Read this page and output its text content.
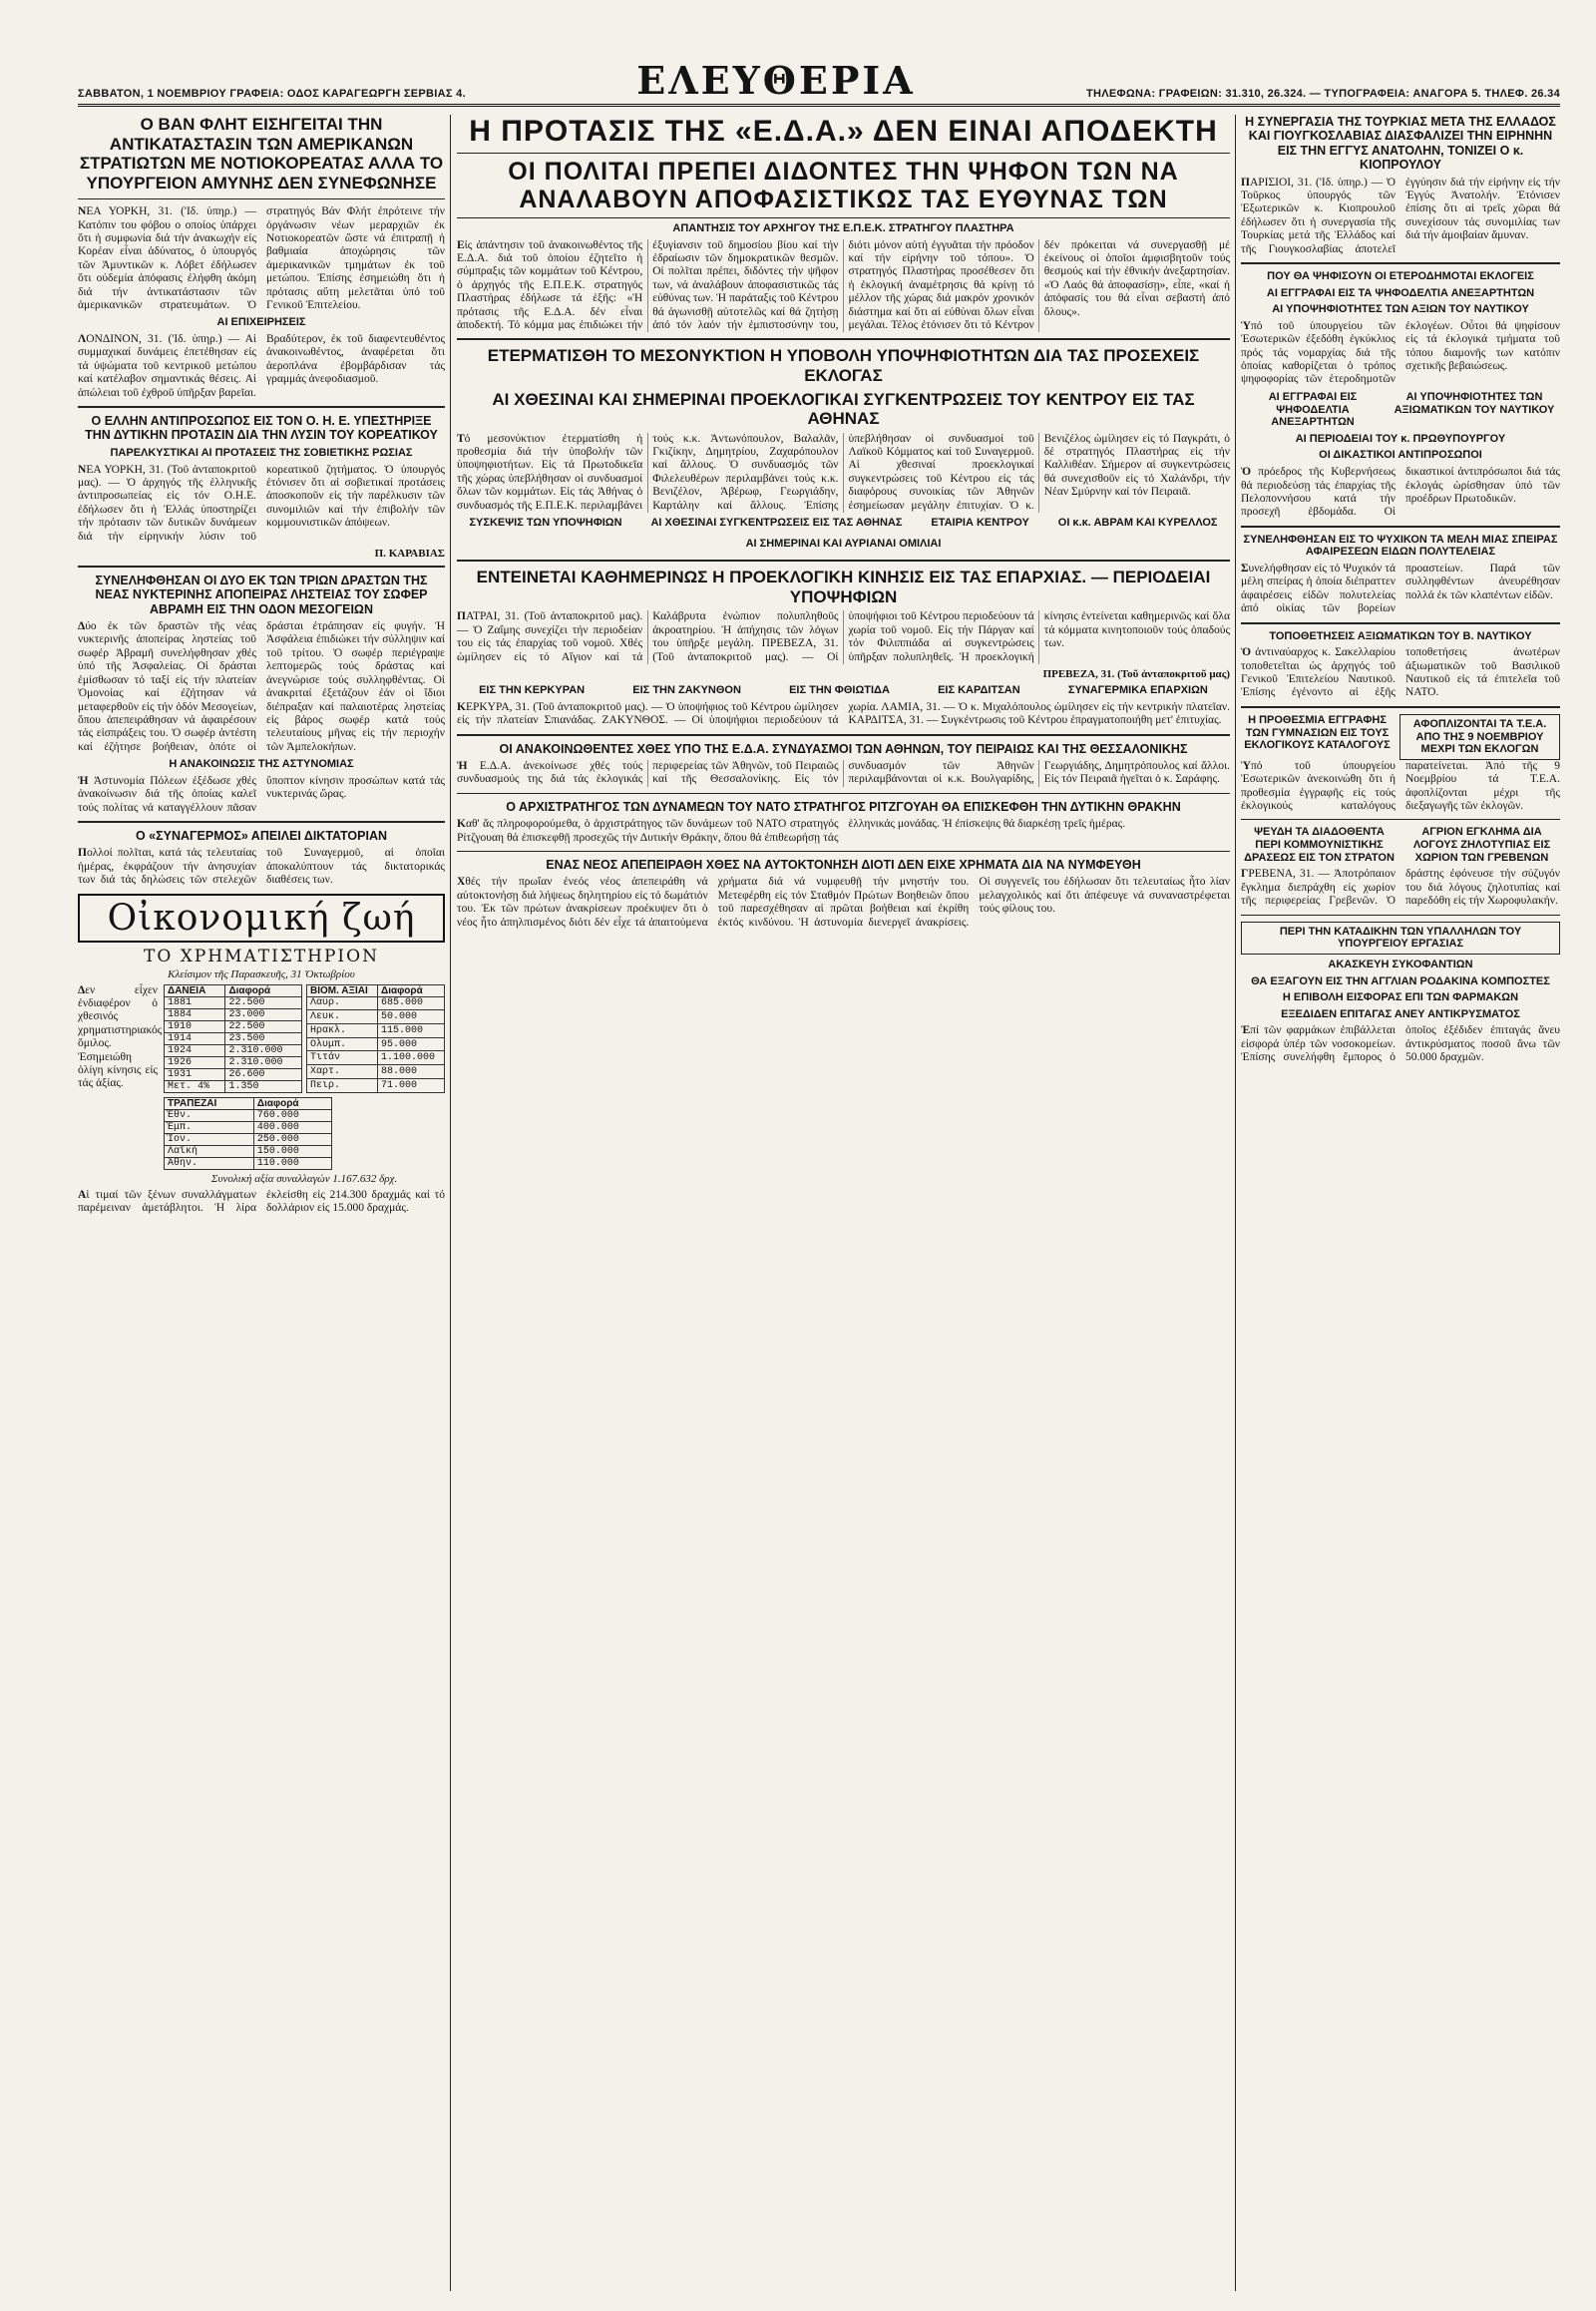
ΣΑΒΒΑΤΟΝ, 1 ΝΟΕΜΒΡΙΟΥ ΓΡΑΦΕΙΑ: ΟΔΟΣ ΚΑΡΑΓΕΩΡΓΗ ΣΕΡΒΙΑΣ 4.	ΕΛΕΥΘΕΡΙΑ	ΤΗΛΕΦΩΝΑ: ΓΡΑΦΕΙΩΝ: 31.310, 26.324. — ΤΥΠΟΓΡΑΦΕΙΑ: ΑΝΑΓΟΡΑ 5. ΤΗΛΕΦ. 26.34
Ο ΒΑΝ ΦΛΗΤ ΕΙΣΗΓΕΙΤΑΙ ΤΗΝ ΑΝΤΙΚΑΤΑΣΤΑΣΙΝ ΤΩΝ ΑΜΕΡΙΚΑΝΩΝ ΣΤΡΑΤΙΩΤΩΝ ΜΕ ΝΟΤΙΟΚΟΡΕΑΤΑΣ ΑΛΛΑ ΤΟ ΥΠΟΥΡΓΕΙΟΝ ΑΜΥΝΗΣ ΔΕΝ ΣΥΝΕΦΩΝΗΣΕ

ΝΕΑ ΥΟΡΚΗ, 31. ('Ιδ. ὑπηρ.) — Κατόπιν του φόβου ο οποίος ὑπάρχει ὅτι ἡ συμφωνία διά τήν ἀνακωχήν εἰς Κορέαν εἶναι ἀδύνατος, ὁ ὑπουργός τῶν Ἀμυντικῶν κ. Λόβετ ἐδήλωσεν ὅτι οὐδεμία ἀπόφασις ἐλήφθη ἀκόμη διά τήν ἀντικατάστασιν τῶν ἀμερικανικῶν στρατευμάτων. Ὁ στρατηγός Βάν Φλήτ ἐπρότεινε τήν ὀργάνωσιν νέων μεραρχιῶν ἐκ Νοτιοκορεατῶν ὥστε νά ἐπιτραπῇ ἡ βαθμιαία ἀποχώρησις τῶν ἀμερικανικῶν τμημάτων ἐκ τοῦ μετώπου. Ἐπίσης ἐσημειώθη ὅτι ἡ πρότασις αὕτη μελετᾶται ὑπό τοῦ Γενικοῦ Ἐπιτελείου.

ΑΙ ΕΠΙΧΕΙΡΗΣΕΙΣ

ΛΟΝΔΙΝΟΝ, 31. ('Ιδ. ὑπηρ.) — Αἱ συμμαχικαί δυνάμεις ἐπετέθησαν εἰς τά ὑψώματα τοῦ κεντρικοῦ μετώπου καί κατέλαβον σημαντικάς θέσεις. Αἱ ἀπώλειαι τοῦ ἐχθροῦ ὑπῆρξαν βαρεῖαι. Βραδύτερον, ἐκ τοῦ διαφεντευθέντος ἀνακοινωθέντος, ἀναφέρεται ὅτι ἀεροπλάνα ἐβομβάρδισαν τάς γραμμάς ἀνεφοδιασμοῦ.

Ο ΕΛΛΗΝ ΑΝΤΙΠΡΟΣΩΠΟΣ ΕΙΣ ΤΟΝ Ο. Η. Ε. ΥΠΕΣΤΗΡΙΞΕ ΤΗΝ ΔΥΤΙΚΗΝ ΠΡΟΤΑΣΙΝ ΔΙΑ ΤΗΝ ΛΥΣΙΝ ΤΟΥ ΚΟΡΕΑΤΙΚΟΥ
ΠΑΡΕΛΚΥΣΤΙΚΑΙ ΑΙ ΠΡΟΤΑΣΕΙΣ ΤΗΣ ΣΟΒΙΕΤΙΚΗΣ ΡΩΣΙΑΣ

ΝΕΑ ΥΟΡΚΗ, 31. (Τοῦ ἀνταποκριτοῦ μας). — Ὁ ἀρχηγός τῆς ἑλληνικῆς ἀντιπροσωπείας εἰς τόν Ο.Η.Ε. ἐδήλωσεν ὅτι ἡ Ἑλλάς ὑποστηρίζει τήν πρότασιν τῶν δυτικῶν δυνάμεων διά τήν εἰρηνικήν λύσιν τοῦ κορεατικοῦ ζητήματος. Ὁ ὑπουργός ἐτόνισεν ὅτι αἱ σοβιετικαί προτάσεις ἀποσκοποῦν εἰς τήν παρέλκυσιν τῶν συνομιλιῶν καί τήν ἐπιβολήν τῶν κομμουνιστικῶν ἀπόψεων.

Π. ΚΑΡΑΒΙΑΣ

ΣΥΝΕΛΗΦΘΗΣΑΝ ΟΙ ΔΥΟ ΕΚ ΤΩΝ ΤΡΙΩΝ ΔΡΑΣΤΩΝ ΤΗΣ ΝΕΑΣ ΝΥΚΤΕΡΙΝΗΣ ΑΠΟΠΕΙΡΑΣ ΛΗΣΤΕΙΑΣ ΤΟΥ ΣΩΦΕΡ ΑΒΡΑΜΗ ΕΙΣ ΤΗΝ ΟΔΟΝ ΜΕΣΟΓΕΙΩΝ

Δύο ἐκ τῶν δραστῶν τῆς νέας νυκτερινῆς ἀποπείρας ληστείας τοῦ σωφέρ Ἀβραμῆ συνελήφθησαν χθές ὑπό τῆς Ἀσφαλείας. Οἱ δράσται ἐμίσθωσαν τό ταξί εἰς τήν πλατείαν Ὁμονοίας καί ἐζήτησαν νά μεταφερθοῦν εἰς τήν ὁδόν Μεσογείων, ὅπου ἀπεπειράθησαν νά ἀφαιρέσουν τάς εἰσπράξεις του. Ὁ σωφέρ ἀντέστη καί ἐζήτησε βοήθειαν, ὁπότε οἱ δράσται ἐτράπησαν εἰς φυγήν. Ἡ Ἀσφάλεια ἐπιδιώκει τήν σύλληψιν καί τοῦ τρίτου. Ὁ σωφέρ περιέγραψε λεπτομερῶς τούς δράστας καί ἀνεγνώρισε τούς συλληφθέντας. Οἱ ἀνακριταί ἐξετάζουν ἐάν οἱ ἴδιοι διέπραξαν καί παλαιοτέρας ληστείας εἰς βάρος σωφέρ κατά τούς τελευταίους μῆνας εἰς τήν περιοχήν τῶν Ἀμπελοκήπων.

Η ΑΝΑΚΟΙΝΩΣΙΣ ΤΗΣ ΑΣΤΥΝΟΜΙΑΣ

Ἡ Ἀστυνομία Πόλεων ἐξέδωσε χθές ἀνακοίνωσιν διά τῆς ὁποίας καλεῖ τούς πολίτας νά καταγγέλλουν πᾶσαν ὕποπτον κίνησιν προσώπων κατά τάς νυκτερινάς ὥρας.

Ο «ΣΥΝΑΓΕΡΜΟΣ» ΑΠΕΙΛΕΙ ΔΙΚΤΑΤΟΡΙΑΝ

Πολλοί πολῖται, κατά τάς τελευταίας ἡμέρας, ἐκφράζουν τήν ἀνησυχίαν των διά τάς δηλώσεις τῶν στελεχῶν τοῦ Συναγερμοῦ, αἱ ὁποῖαι ἀποκαλύπτουν τάς δικτατορικάς διαθέσεις των.

Οἰκονομική ζωή
ΤΟ ΧΡΗΜΑΤΙΣΤΗΡΙΟΝ
Κλείσιμον τῆς Παρασκευῆς, 31 Ὀκτωβρίου

Δεν εἶχεν ἐνδιαφέρον ὁ χθεσινός χρηματιστηριακός ὅμιλος. Ἐσημειώθη ὀλίγη κίνησις εἰς τάς ἀξίας.

ΔΑΝΕΙΑ	Διαφορά
1881	22.500
1884	23.000
1910	22.500
1914	23.500
1924	2.310.000
1926	2.310.000
1931	26.600
Μετ. 4%	1.350
ΒΙΟΜ. ΑΞΙΑΙ	Διαφορά
Λαυρ.	685.000
Λευκ.	50.000
Ηρακλ.	115.000
Ολυμπ.	95.000
Τιτάν	1.100.000
Χαρτ.	88.000
Πειρ.	71.000
ΤΡΑΠΕΖΑΙ	Διαφορά
Ἐθν.	760.000
Ἐμπ.	400.000
Ἰον.	250.000
Λαϊκή	150.000
Ἀθην.	110.000
Συνολική αξία συναλλαγών 1.167.632 δρχ.

Αἱ τιμαί τῶν ξένων συναλλάγματων παρέμειναν ἀμετάβλητοι. Ἡ λίρα ἐκλείσθη εἰς 214.300 δραχμάς καί τό δολλάριον εἰς 15.000 δραχμάς.

Η ΠΡΟΤΑΣΙΣ ΤΗΣ «Ε.Δ.Α.» ΔΕΝ ΕΙΝΑΙ ΑΠΟΔΕΚΤΗ
ΟΙ ΠΟΛΙΤΑΙ ΠΡΕΠΕΙ ΔΙΔΟΝΤΕΣ ΤΗΝ ΨΗΦΟΝ ΤΩΝ ΝΑ ΑΝΑΛΑΒΟΥΝ ΑΠΟΦΑΣΙΣΤΙΚΩΣ ΤΑΣ ΕΥΘΥΝΑΣ ΤΩΝ
ΑΠΑΝΤΗΣΙΣ ΤΟΥ ΑΡΧΗΓΟΥ ΤΗΣ Ε.Π.Ε.Κ. ΣΤΡΑΤΗΓΟΥ ΠΛΑΣΤΗΡΑ

Εἰς ἀπάντησιν τοῦ ἀνακοινωθέντος τῆς Ε.Δ.Α. διά τοῦ ὁποίου ἐζητεῖτο ἡ σύμπραξις τῶν κομμάτων τοῦ Κέντρου, ὁ ἀρχηγός τῆς Ε.Π.Ε.Κ. στρατηγός Πλαστήρας ἐδήλωσε τά ἑξῆς: «Ἡ πρότασις τῆς Ε.Δ.Α. δέν εἶναι ἀποδεκτή. Τό κόμμα μας ἐπιδιώκει τήν ἐξυγίανσιν τοῦ δημοσίου βίου καί τήν ἐδραίωσιν τῶν δημοκρατικῶν θεσμῶν. Οἱ πολῖται πρέπει, διδόντες τήν ψῆφον των, νά ἀναλάβουν ἀποφασιστικῶς τάς εὐθύνας των. Ἡ παράταξις τοῦ Κέντρου θά ἀγωνισθῇ αὐτοτελῶς καί θά ζητήσῃ ἀπό τόν λαόν τήν ἐμπιστοσύνην του, διότι μόνον αὐτή ἐγγυᾶται τήν πρόοδον καί τήν εἰρήνην τοῦ τόπου». Ὁ στρατηγός Πλαστήρας προσέθεσεν ὅτι ἡ ἐκλογική ἀναμέτρησις θά κρίνῃ τό μέλλον τῆς χώρας διά μακρόν χρονικόν διάστημα καί ὅτι αἱ εὐθύναι ὅλων εἶναι μεγάλαι. Τέλος ἐτόνισεν ὅτι τό Κέντρον δέν πρόκειται νά συνεργασθῇ μέ ἐκείνους οἱ ὁποῖοι ἀμφισβητοῦν τούς θεσμούς καί τήν ἐθνικήν ἀνεξαρτησίαν. «Ὁ Λαός θά ἀποφασίσῃ», εἶπε, «καί ἡ ἀπόφασίς του θά εἶναι σεβαστή ἀπό ὅλους».

ΕΤΕΡΜΑΤΙΣΘΗ ΤΟ ΜΕΣΟΝΥΚΤΙΟΝ Η ΥΠΟΒΟΛΗ ΥΠΟΨΗΦΙΟΤΗΤΩΝ ΔΙΑ ΤΑΣ ΠΡΟΣΕΧΕΙΣ ΕΚΛΟΓΑΣ
ΑΙ ΧΘΕΣΙΝΑΙ ΚΑΙ ΣΗΜΕΡΙΝΑΙ ΠΡΟΕΚΛΟΓΙΚΑΙ ΣΥΓΚΕΝΤΡΩΣΕΙΣ ΤΟΥ ΚΕΝΤΡΟΥ ΕΙΣ ΤΑΣ ΑΘΗΝΑΣ

Τό μεσονύκτιον ἐτερματίσθη ἡ προθεσμία διά τήν ὑποβολήν τῶν ὑποψηφιοτήτων. Εἰς τά Πρωτοδικεῖα τῆς χώρας ὑπεβλήθησαν οἱ συνδυασμοί ὅλων τῶν κομμάτων. Εἰς τάς Ἀθήνας ὁ συνδυασμός τῆς Ε.Π.Ε.Κ. περιλαμβάνει τούς κ.κ. Ἀντωνόπουλον, Βαλαλᾶν, Γκιζίκην, Δημητρίου, Ζαχαρόπουλον καί ἄλλους. Ὁ συνδυασμός τῶν Φιλελευθέρων περιλαμβάνει τούς κ.κ. Βενιζέλον, Ἀβέρωφ, Γεωργιάδην, Καρτάλην καί ἄλλους. Ἐπίσης ὑπεβλήθησαν οἱ συνδυασμοί τοῦ Λαϊκοῦ Κόμματος καί τοῦ Συναγερμοῦ. Αἱ χθεσιναί προεκλογικαί συγκεντρώσεις τοῦ Κέντρου εἰς τάς διαφόρους συνοικίας τῶν Ἀθηνῶν ἐσημείωσαν μεγάλην ἐπιτυχίαν. Ὁ κ. Βενιζέλος ὡμίλησεν εἰς τό Παγκράτι, ὁ δέ στρατηγός Πλαστήρας εἰς τήν Καλλιθέαν. Σήμερον αἱ συγκεντρώσεις θά συνεχισθοῦν εἰς τό Χαλάνδρι, τήν Νέαν Σμύρνην καί τόν Πειραιᾶ.

ΣΥΣΚΕΨΙΣ ΤΩΝ ΥΠΟΨΗΦΙΩΝ	ΑΙ ΧΘΕΣΙΝΑΙ ΣΥΓΚΕΝΤΡΩΣΕΙΣ ΕΙΣ ΤΑΣ ΑΘΗΝΑΣ	ΕΤΑΙΡΙΑ ΚΕΝΤΡΟΥ	ΟΙ κ.κ. ΑΒΡΑΜ ΚΑΙ ΚΥΡΕΛΛΟΣ
ΑΙ ΣΗΜΕΡΙΝΑΙ ΚΑΙ ΑΥΡΙΑΝΑΙ ΟΜΙΛΙΑΙ
ΕΝΤΕΙΝΕΤΑΙ ΚΑΘΗΜΕΡΙΝΩΣ Η ΠΡΟΕΚΛΟΓΙΚΗ ΚΙΝΗΣΙΣ ΕΙΣ ΤΑΣ ΕΠΑΡΧΙΑΣ. — ΠΕΡΙΟΔΕΙΑΙ ΥΠΟΨΗΦΙΩΝ

ΠΑΤΡΑΙ, 31. (Τοῦ ἀνταποκριτοῦ μας). — Ὁ Ζαΐμης συνεχίζει τήν περιοδείαν του εἰς τάς ἐπαρχίας τοῦ νομοῦ. Χθές ὡμίλησεν εἰς τό Αἴγιον καί τά Καλάβρυτα ἐνώπιον πολυπληθοῦς ἀκροατηρίου. Ἡ ἀπήχησις τῶν λόγων του ὑπῆρξε μεγάλη. ΠΡΕΒΕΖΑ, 31. (Τοῦ ἀνταποκριτοῦ μας). — Οἱ ὑποψήφιοι τοῦ Κέντρου περιοδεύουν τά χωρία τοῦ νομοῦ. Εἰς τήν Πάργαν καί τόν Φιλιππιάδα αἱ συγκεντρώσεις ὑπῆρξαν πολυπληθεῖς. Ἡ προεκλογική κίνησις ἐντείνεται καθημερινῶς καί ὅλα τά κόμματα κινητοποιοῦν τούς ὀπαδούς των.

ΠΡΕΒΕΖΑ, 31. (Τοῦ ἀνταποκριτοῦ μας)

ΕΙΣ ΤΗΝ ΚΕΡΚΥΡΑΝ	ΕΙΣ ΤΗΝ ΖΑΚΥΝΘΟΝ	ΕΙΣ ΤΗΝ ΦΘΙΩΤΙΔΑ	ΕΙΣ ΚΑΡΔΙΤΣΑΝ	ΣΥΝΑΓΕΡΜΙΚΑ ΕΠΑΡΧΙΩΝ

ΚΕΡΚΥΡΑ, 31. (Τοῦ ἀνταποκριτοῦ μας). — Ὁ ὑποψήφιος τοῦ Κέντρου ὡμίλησεν εἰς τήν πλατείαν Σπιανάδας. ΖΑΚΥΝΘΟΣ. — Οἱ ὑποψήφιοι περιοδεύουν τά χωρία. ΛΑΜΙΑ, 31. — Ὁ κ. Μιχαλόπουλος ὡμίλησεν εἰς τήν κεντρικήν πλατεῖαν. ΚΑΡΔΙΤΣΑ, 31. — Συγκέντρωσις τοῦ Κέντρου ἐπραγματοποιήθη μετ' ἐπιτυχίας.

ΟΙ ΑΝΑΚΟΙΝΩΘΕΝΤΕΣ ΧΘΕΣ ΥΠΟ ΤΗΣ Ε.Δ.Α. ΣΥΝΔΥΑΣΜΟΙ ΤΩΝ ΑΘΗΝΩΝ, ΤΟΥ ΠΕΙΡΑΙΩΣ ΚΑΙ ΤΗΣ ΘΕΣΣΑΛΟΝΙΚΗΣ

Ἡ Ε.Δ.Α. ἀνεκοίνωσε χθές τούς συνδυασμούς της διά τάς ἐκλογικάς περιφερείας τῶν Ἀθηνῶν, τοῦ Πειραιῶς καί τῆς Θεσσαλονίκης. Εἰς τόν συνδυασμόν τῶν Ἀθηνῶν περιλαμβάνονται οἱ κ.κ. Βουλγαρίδης, Γεωργιάδης, Δημητρόπουλος καί ἄλλοι. Εἰς τόν Πειραιᾶ ἠγεῖται ὁ κ. Σαράφης.

Ο ΑΡΧΙΣΤΡΑΤΗΓΟΣ ΤΩΝ ΔΥΝΑΜΕΩΝ ΤΟΥ ΝΑΤΟ ΣΤΡΑΤΗΓΟΣ ΡΙΤΖΓΟΥΑΗ ΘΑ ΕΠΙΣΚΕΦΘΗ ΤΗΝ ΔΥΤΙΚΗΝ ΘΡΑΚΗΝ

Καθ' ἅς πληροφορούμεθα, ὁ ἀρχιστράτηγος τῶν δυνάμεων τοῦ ΝΑΤΟ στρατηγός Ρίτζγουαη θά ἐπισκεφθῇ προσεχῶς τήν Δυτικήν Θράκην, ὅπου θά ἐπιθεωρήσῃ τάς ἑλληνικάς μονάδας. Ἡ ἐπίσκεψις θά διαρκέσῃ τρεῖς ἡμέρας.

ΕΝΑΣ ΝΕΟΣ ΑΠΕΠΕΙΡΑΘΗ ΧΘΕΣ ΝΑ ΑΥΤΟΚΤΟΝΗΣΗ ΔΙΟΤΙ ΔΕΝ ΕΙΧΕ ΧΡΗΜΑΤΑ ΔΙΑ ΝΑ ΝΥΜΦΕΥΘΗ

Χθές τήν πρωΐαν ἐνεός νέος ἀπεπειράθη νά αὐτοκτονήσῃ διά λήψεως δηλητηρίου εἰς τό δωμάτιόν του. Ἐκ τῶν πρώτων ἀνακρίσεων προέκυψεν ὅτι ὁ νέος ἦτο ἀπηλπισμένος διότι δέν εἶχε τά ἀπαιτούμενα χρήματα διά νά νυμφευθῇ τήν μνηστήν του. Μετεφέρθη εἰς τόν Σταθμόν Πρώτων Βοηθειῶν ὅπου τοῦ παρεσχέθησαν αἱ πρῶται βοήθειαι καί ἐκρίθη ἐκτός κινδύνου. Ἡ ἀστυνομία διενεργεῖ ἀνακρίσεις. Οἱ συγγενεῖς του ἐδήλωσαν ὅτι τελευταίως ἦτο λίαν μελαγχολικός καί ὅτι ἀπέφευγε νά συναναστρέφεται τούς φίλους του.

Η ΣΥΝΕΡΓΑΣΙΑ ΤΗΣ ΤΟΥΡΚΙΑΣ ΜΕΤΑ ΤΗΣ ΕΛΛΑΔΟΣ ΚΑΙ ΓΙΟΥΓΚΟΣΛΑΒΙΑΣ ΔΙΑΣΦΑΛΙΖΕΙ ΤΗΝ ΕΙΡΗΝΗΝ ΕΙΣ ΤΗΝ ΕΓΓΥΣ ΑΝΑΤΟΛΗΝ, ΤΟΝΙΖΕΙ Ο κ. ΚΙΟΠΡΟΥΛΟΥ

ΠΑΡΙΣΙΟΙ, 31. ('Ιδ. ὑπηρ.) — Ὁ Τοῦρκος ὑπουργός τῶν Ἐξωτερικῶν κ. Κιοπρουλοῦ ἐδήλωσεν ὅτι ἡ συνεργασία τῆς Τουρκίας μετά τῆς Ἑλλάδος καί τῆς Γιουγκοσλαβίας ἀποτελεῖ ἐγγύησιν διά τήν εἰρήνην εἰς τήν Ἐγγύς Ἀνατολήν. Ἐτόνισεν ἐπίσης ὅτι αἱ τρεῖς χῶραι θά συνεχίσουν τάς συνομιλίας των διά τήν ἀμοιβαίαν ἄμυναν.

ΠΟΥ ΘΑ ΨΗΦΙΣΟΥΝ ΟΙ ΕΤΕΡΟΔΗΜΟΤΑΙ ΕΚΛΟΓΕΙΣ
ΑΙ ΕΓΓΡΑΦΑΙ ΕΙΣ ΤΑ ΨΗΦΟΔΕΛΤΙΑ ΑΝΕΞΑΡΤΗΤΩΝ
ΑΙ ΥΠΟΨΗΦΙΟΤΗΤΕΣ ΤΩΝ ΑΞΙΩΝ ΤΟΥ ΝΑΥΤΙΚΟΥ

Ὑπό τοῦ ὑπουργείου τῶν Ἐσωτερικῶν ἐξεδόθη ἐγκύκλιος πρός τάς νομαρχίας διά τῆς ὁποίας καθορίζεται ὁ τρόπος ψηφοφορίας τῶν ἑτεροδημοτῶν ἐκλογέων. Οὗτοι θά ψηφίσουν εἰς τά ἐκλογικά τμήματα τοῦ τόπου διαμονῆς των κατόπιν σχετικῆς βεβαιώσεως.

ΑΙ ΕΓΓΡΑΦΑΙ ΕΙΣ ΨΗΦΟΔΕΛΤΙΑ ΑΝΕΞΑΡΤΗΤΩΝ
ΑΙ ΥΠΟΨΗΦΙΟΤΗΤΕΣ ΤΩΝ ΑΞΙΩΜΑΤΙΚΩΝ ΤΟΥ ΝΑΥΤΙΚΟΥ
ΑΙ ΠΕΡΙΟΔΕΙΑΙ ΤΟΥ κ. ΠΡΩΘΥΠΟΥΡΓΟΥ
ΟΙ ΔΙΚΑΣΤΙΚΟΙ ΑΝΤΙΠΡΟΣΩΠΟΙ

Ὁ πρόεδρος τῆς Κυβερνήσεως θά περιοδεύσῃ τάς ἐπαρχίας τῆς Πελοποννήσου κατά τήν προσεχῆ ἑβδομάδα. Οἱ δικαστικοί ἀντιπρόσωποι διά τάς ἐκλογάς ὡρίσθησαν ὑπό τῶν προέδρων Πρωτοδικῶν.

ΣΥΝΕΛΗΦΘΗΣΑΝ ΕΙΣ ΤΟ ΨΥΧΙΚΟΝ ΤΑ ΜΕΛΗ ΜΙΑΣ ΣΠΕΙΡΑΣ ΑΦΑΙΡΕΣΕΩΝ ΕΙΔΩΝ ΠΟΛΥΤΕΛΕΙΑΣ

Συνελήφθησαν εἰς τό Ψυχικόν τά μέλη σπείρας ἡ ὁποία διέπραττεν ἀφαιρέσεις εἰδῶν πολυτελείας ἀπό οἰκίας τῶν βορείων προαστείων. Παρά τῶν συλληφθέντων ἀνευρέθησαν πολλά ἐκ τῶν κλαπέντων εἰδῶν.

ΤΟΠΟΘΕΤΗΣΕΙΣ ΑΞΙΩΜΑΤΙΚΩΝ ΤΟΥ Β. ΝΑΥΤΙΚΟΥ

Ὁ ἀντιναύαρχος κ. Σακελλαρίου τοποθετεῖται ὡς ἀρχηγός τοῦ Γενικοῦ Ἐπιτελείου Ναυτικοῦ. Ἐπίσης ἐγένοντο αἱ ἑξῆς τοποθετήσεις ἀνωτέρων ἀξιωματικῶν τοῦ Βασιλικοῦ Ναυτικοῦ εἰς τά ἐπιτελεῖα τοῦ ΝΑΤΟ.

Η ΠΡΟΘΕΣΜΙΑ ΕΓΓΡΑΦΗΣ ΤΩΝ ΓΥΜΝΑΣΙΩΝ ΕΙΣ ΤΟΥΣ ΕΚΛΟΓΙΚΟΥΣ ΚΑΤΑΛΟΓΟΥΣ
ΑΦΟΠΛΙΖΟΝΤΑΙ ΤΑ Τ.Ε.Α. ΑΠΟ ΤΗΣ 9 ΝΟΕΜΒΡΙΟΥ ΜΕΧΡΙ ΤΩΝ ΕΚΛΟΓΩΝ

Ὑπό τοῦ ὑπουργείου Ἐσωτερικῶν ἀνεκοινώθη ὅτι ἡ προθεσμία ἐγγραφῆς εἰς τούς ἐκλογικούς καταλόγους παρατείνεται. Ἀπό τῆς 9 Νοεμβρίου τά Τ.Ε.Α. ἀφοπλίζονται μέχρι τῆς διεξαγωγῆς τῶν ἐκλογῶν.

ΨΕΥΔΗ ΤΑ ΔΙΑΔΟΘΕΝΤΑ ΠΕΡΙ ΚΟΜΜΟΥΝΙΣΤΙΚΗΣ ΔΡΑΣΕΩΣ ΕΙΣ ΤΟΝ ΣΤΡΑΤΟΝ
ΑΓΡΙΟΝ ΕΓΚΛΗΜΑ ΔΙΑ ΛΟΓΟΥΣ ΖΗΛΟΤΥΠΙΑΣ ΕΙΣ ΧΩΡΙΟΝ ΤΩΝ ΓΡΕΒΕΝΩΝ

ΓΡΕΒΕΝΑ, 31. — Ἀποτρόπαιον ἔγκλημα διεπράχθη εἰς χωρίον τῆς περιφερείας Γρεβενῶν. Ὁ δράστης ἐφόνευσε τήν σύζυγόν του διά λόγους ζηλοτυπίας καί παρεδόθη εἰς τήν Χωροφυλακήν.

ΠΕΡΙ ΤΗΝ ΚΑΤΑΔΙΚΗΝ ΤΩΝ ΥΠΑΛΛΗΛΩΝ ΤΟΥ ΥΠΟΥΡΓΕΙΟΥ ΕΡΓΑΣΙΑΣ
ΑΚΑΣΚΕΥΗ ΣΥΚΟΦΑΝΤΙΩΝ
ΘΑ ΕΞΑΓΟΥΝ ΕΙΣ ΤΗΝ ΑΓΓΛΙΑΝ ΡΟΔΑΚΙΝΑ ΚΟΜΠΟΣΤΕΣ
Η ΕΠΙΒΟΛΗ ΕΙΣΦΟΡΑΣ ΕΠΙ ΤΩΝ ΦΑΡΜΑΚΩΝ
ΕΞΕΔΙΔΕΝ ΕΠΙΤΑΓΑΣ ΑΝΕΥ ΑΝΤΙΚΡΥΣΜΑΤΟΣ

Ἐπί τῶν φαρμάκων ἐπιβάλλεται εἰσφορά ὑπέρ τῶν νοσοκομείων. Ἐπίσης συνελήφθη ἔμπορος ὁ ὁποῖος ἐξέδιδεν ἐπιταγάς ἄνευ ἀντικρύσματος ποσοῦ ἄνω τῶν 50.000 δραχμῶν.
